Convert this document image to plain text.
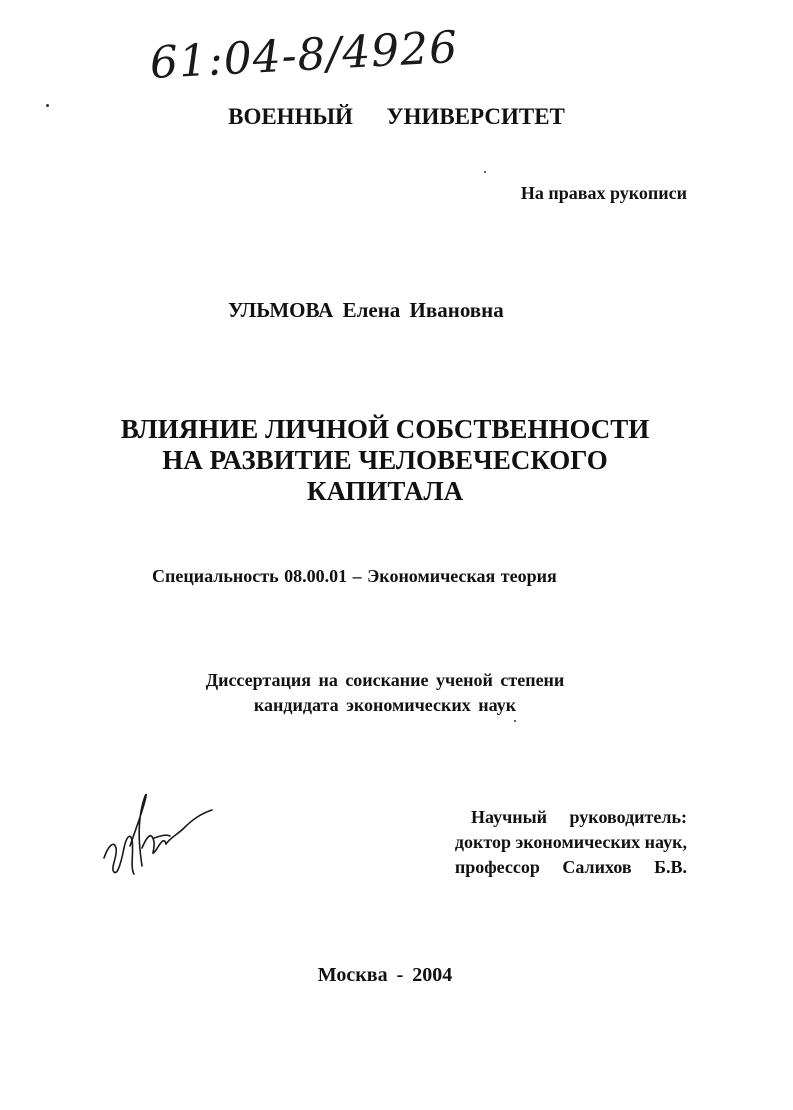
61:04-8/4926
ВОЕННЫЙ УНИВЕРСИТЕТ
На правах рукописи
УЛЬМОВА Елена Ивановна
ВЛИЯНИЕ ЛИЧНОЙ СОБСТВЕННОСТИ
НА РАЗВИТИЕ ЧЕЛОВЕЧЕСКОГО
КАПИТАЛА
Специальность 08.00.01 – Экономическая теория
Диссертация на соискание ученой степени
кандидата экономических наук
Научный руководитель:
доктор экономических наук,
профессор Салихов Б.В.
Москва - 2004
